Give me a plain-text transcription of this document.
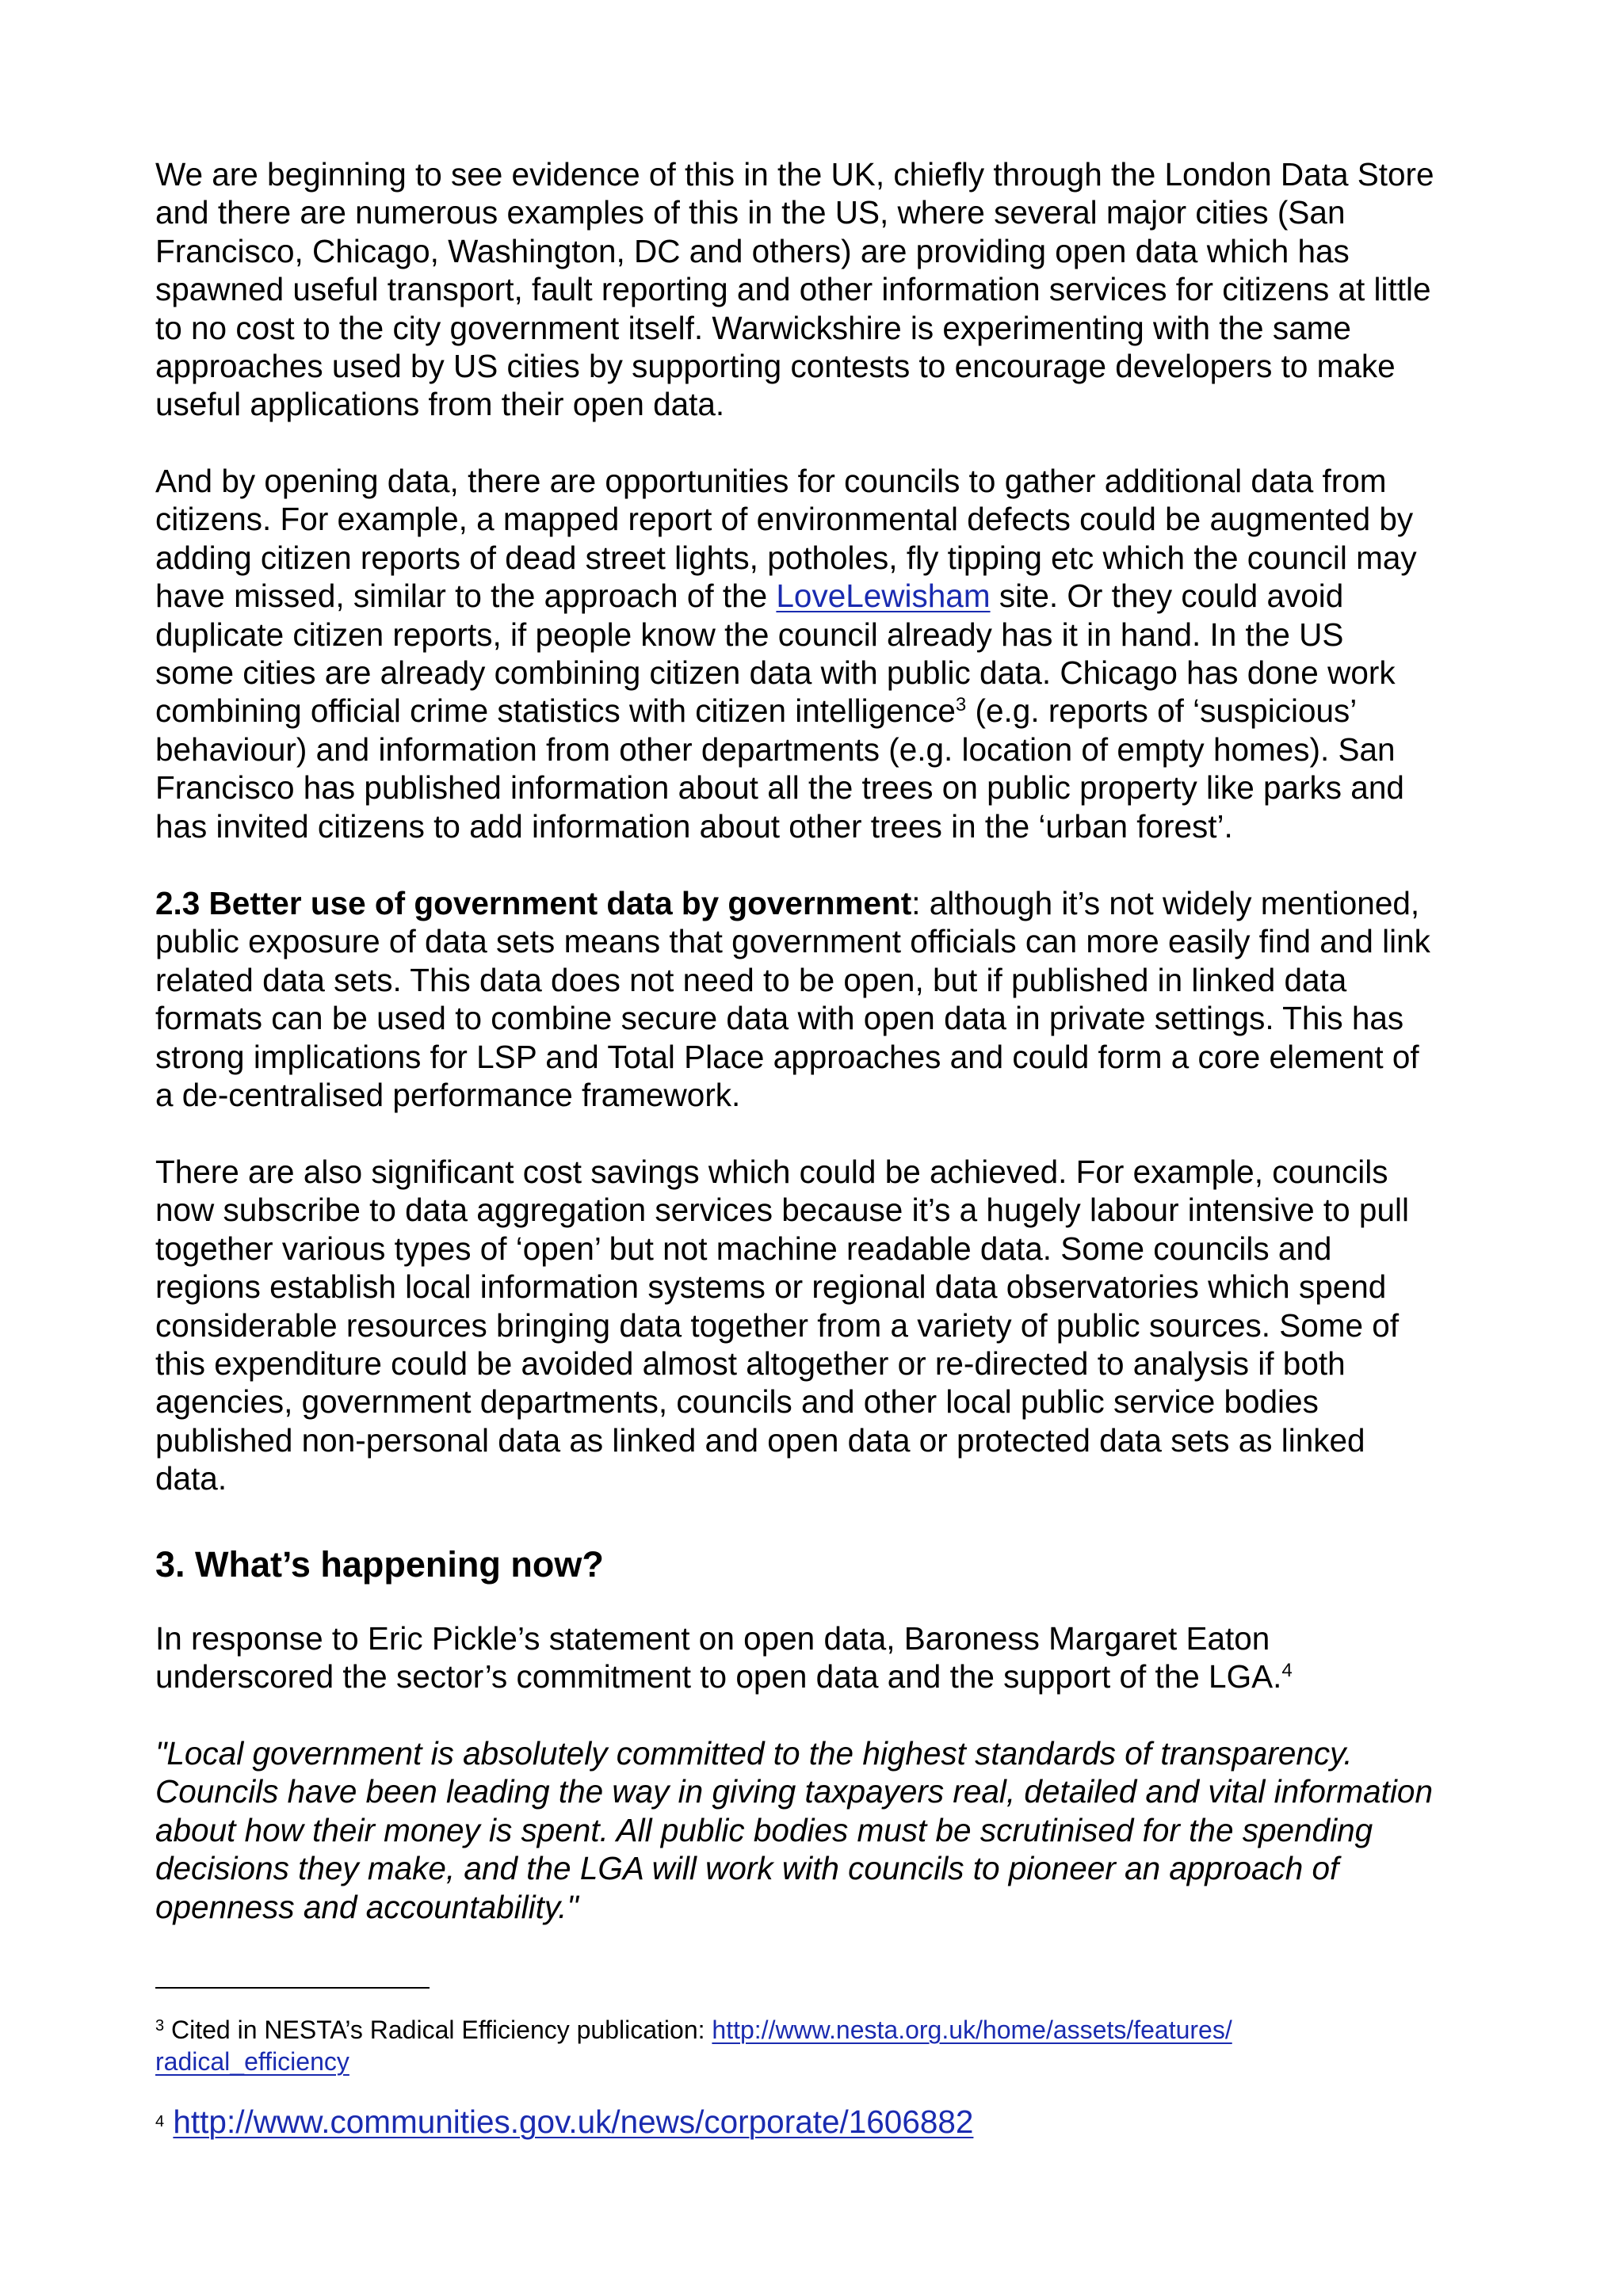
We are beginning to see evidence of this in the UK, chiefly through the London Data Store
and there are numerous examples of this in the US, where several major cities (San
Francisco, Chicago, Washington, DC and others) are providing open data which has
spawned useful transport, fault reporting and other information services for citizens at little
to no cost to the city government itself. Warwickshire is experimenting with the same
approaches used by US cities by supporting contests to encourage developers to make
useful applications from their open data.
And by opening data, there are opportunities for councils to gather additional data from
citizens. For example, a mapped report of environmental defects could be augmented by
adding citizen reports of dead street lights, potholes, fly tipping etc which the council may
have missed, similar to the approach of the LoveLewisham site. Or they could avoid
duplicate citizen reports, if people know the council already has it in hand. In the US
some cities are already combining citizen data with public data. Chicago has done work
combining official crime statistics with citizen intelligence$^3$ (e.g. reports of ‘suspicious’
behaviour) and information from other departments (e.g. location of empty homes). San
Francisco has published information about all the trees on public property like parks and
has invited citizens to add information about other trees in the ‘urban forest’.
2.3 Better use of government data by government: although it’s not widely mentioned,
public exposure of data sets means that government officials can more easily find and link
related data sets. This data does not need to be open, but if published in linked data
formats can be used to combine secure data with open data in private settings. This has
strong implications for LSP and Total Place approaches and could form a core element of
a de-centralised performance framework.
There are also significant cost savings which could be achieved. For example, councils
now subscribe to data aggregation services because it’s a hugely labour intensive to pull
together various types of ‘open’ but not machine readable data. Some councils and
regions establish local information systems or regional data observatories which spend
considerable resources bringing data together from a variety of public sources. Some of
this expenditure could be avoided almost altogether or re-directed to analysis if both
agencies, government departments, councils and other local public service bodies
published non-personal data as linked and open data or protected data sets as linked
data.
3. What’s happening now?
In response to Eric Pickle’s statement on open data, Baroness Margaret Eaton
underscored the sector’s commitment to open data and the support of the LGA.$^4$
"Local government is absolutely committed to the highest standards of transparency.
Councils have been leading the way in giving taxpayers real, detailed and vital information
about how their money is spent. All public bodies must be scrutinised for the spending
decisions they make, and the LGA will work with councils to pioneer an approach of
openness and accountability."
$^3$ Cited in NESTA’s Radical Efficiency publication: http://www.nesta.org.uk/home/assets/features/
radical_efficiency
$^4$ http://www.communities.gov.uk/news/corporate/1606882
